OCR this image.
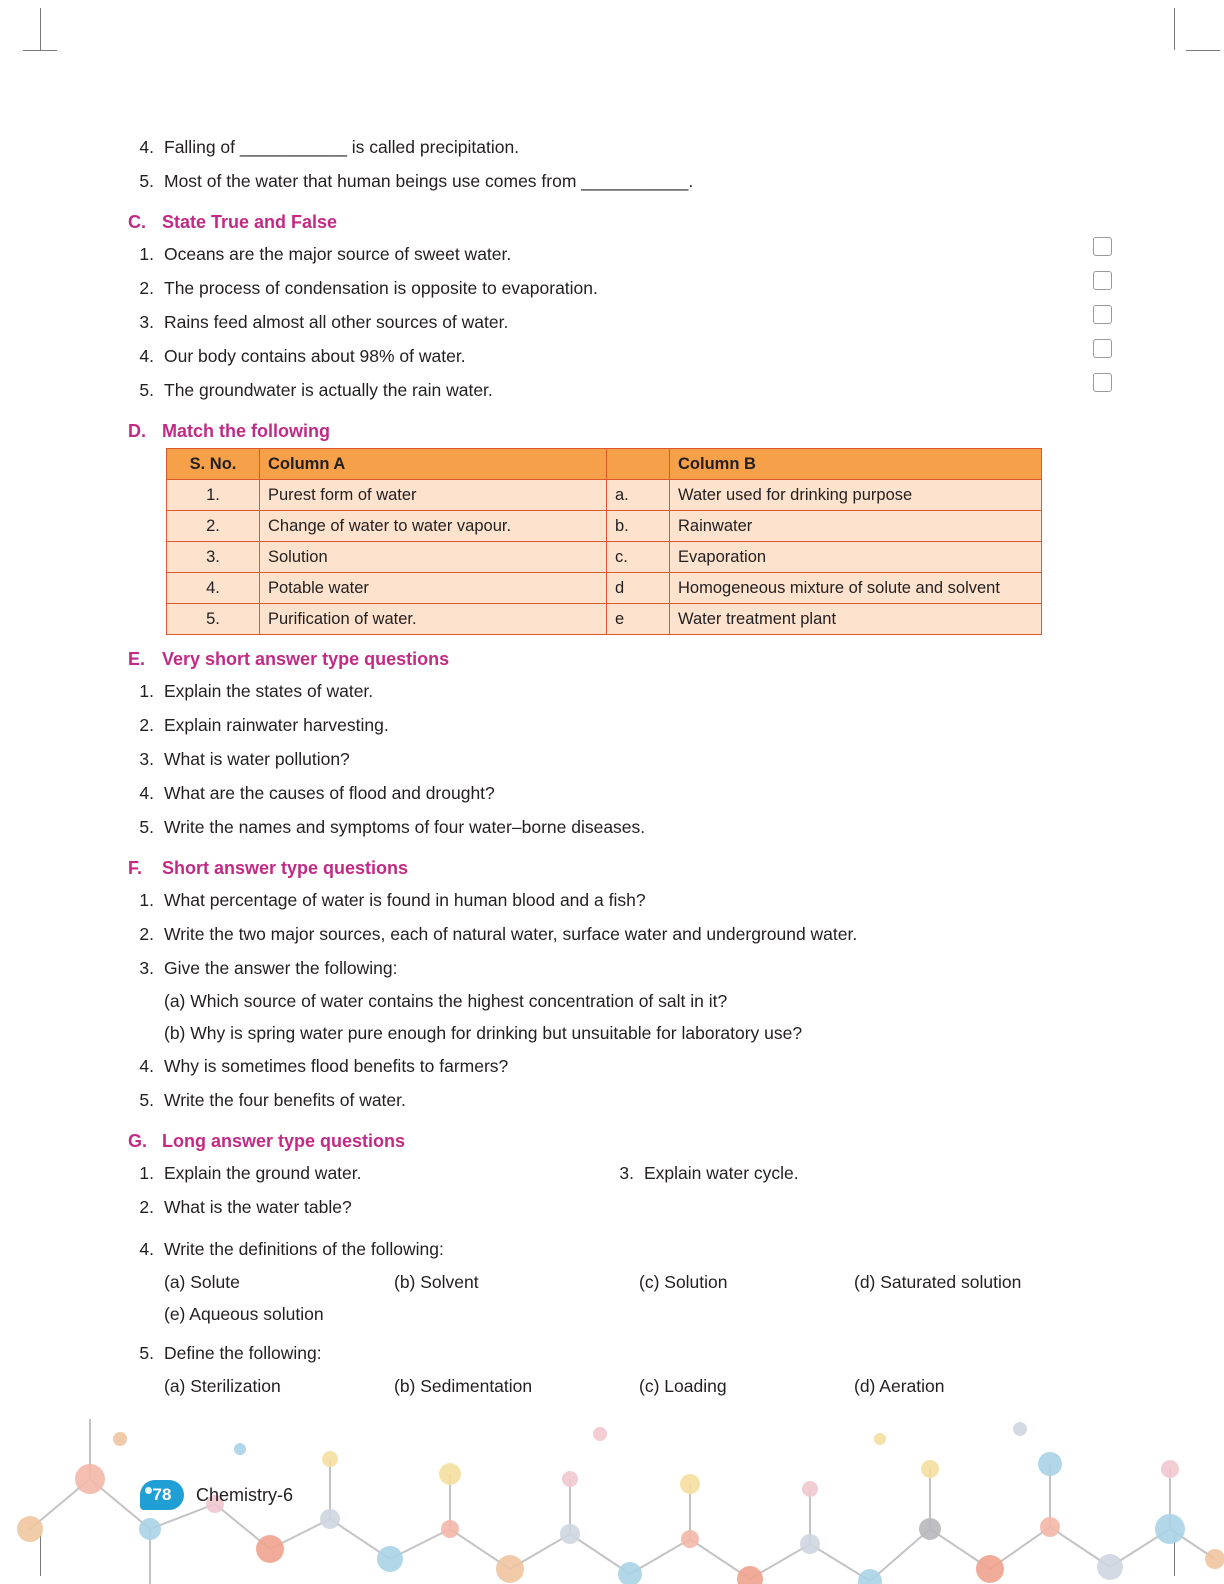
4. Falling of ___________ is called precipitation.
5. Most of the water that human beings use comes from ___________.
C. State True and False
1. Oceans are the major source of sweet water.
2. The process of condensation is opposite to evaporation.
3. Rains feed almost all other sources of water.
4. Our body contains about 98% of water.
5. The groundwater is actually the rain water.
D. Match the following
S. No.	Column A		Column B
1.	Purest form of water	a.	Water used for drinking purpose
2.	Change of water to water vapour.	b.	Rainwater
3.	Solution	c.	Evaporation
4.	Potable water	d	Homogeneous mixture of solute and solvent
5.	Purification of water.	e	Water treatment plant
E. Very short answer type questions
1. Explain the states of water.
2. Explain rainwater harvesting.
3. What is water pollution?
4. What are the causes of flood and drought?
5. Write the names and symptoms of four water–borne diseases.
F.	Short answer type questions
1. What percentage of water is found in human blood and a fish?
2. Write the two major sources, each of natural water, surface water and underground water.
3. Give the answer the following:
(a) Which source of water contains the highest concentration of salt in it?
(b) Why is spring water pure enough for drinking but unsuitable for laboratory use?
4. Why is sometimes flood benefits to farmers?
5. Write the four benefits of water.
G. Long answer type questions
1. Explain the ground water.	3. Explain water cycle.
2. What is the water table?
4. Write the definitions of the following:
(a) Solute	(b) Solvent	(c) Solution	(d) Saturated solution
(e) Aqueous solution
5. Define the following:
(a) Sterilization	(b) Sedimentation	(c) Loading	(d) Aeration
78	Chemistry-6
